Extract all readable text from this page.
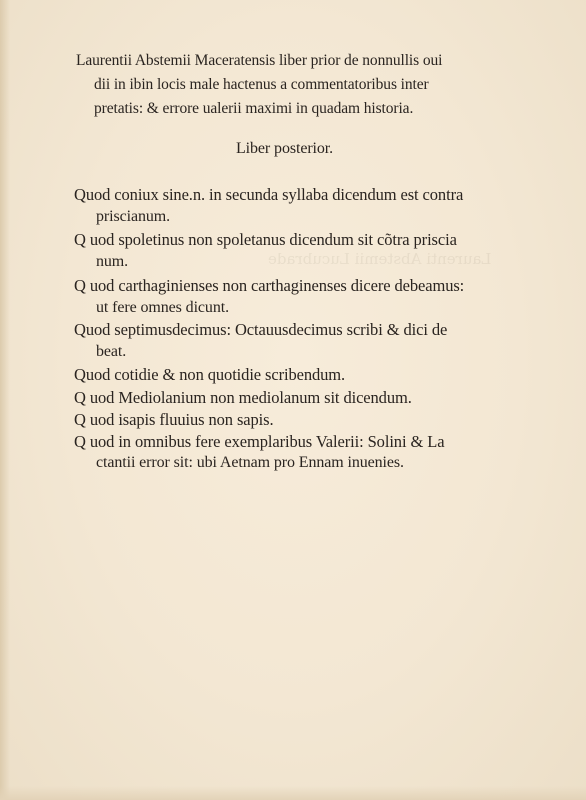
Laurenti Abstemii Lucubrade
Laurentii Abstemii Maceratensis liber prior de nonnullis oui
dii in ibin locis male hactenus a commentatoribus inter
pretatis: & errore ualerii maximi in quadam historia.
Liber posterior.
Quod coniux sine.n. in secunda syllaba dicendum est contra
priscianum.
Q uod spoletinus non spoletanus dicendum sit cõtra priscia
num.
Q uod carthaginienses non carthaginenses dicere debeamus:
ut fere omnes dicunt.
Quod septimusdecimus: Octauusdecimus scribi & dici de
beat.
Quod cotidie & non quotidie scribendum.
Q uod Mediolanium non mediolanum sit dicendum.
Q uod isapis fluuius non sapis.
Q uod in omnibus fere exemplaribus Valerii: Solini & La
ctantii error sit: ubi Aetnam pro Ennam inuenies.
